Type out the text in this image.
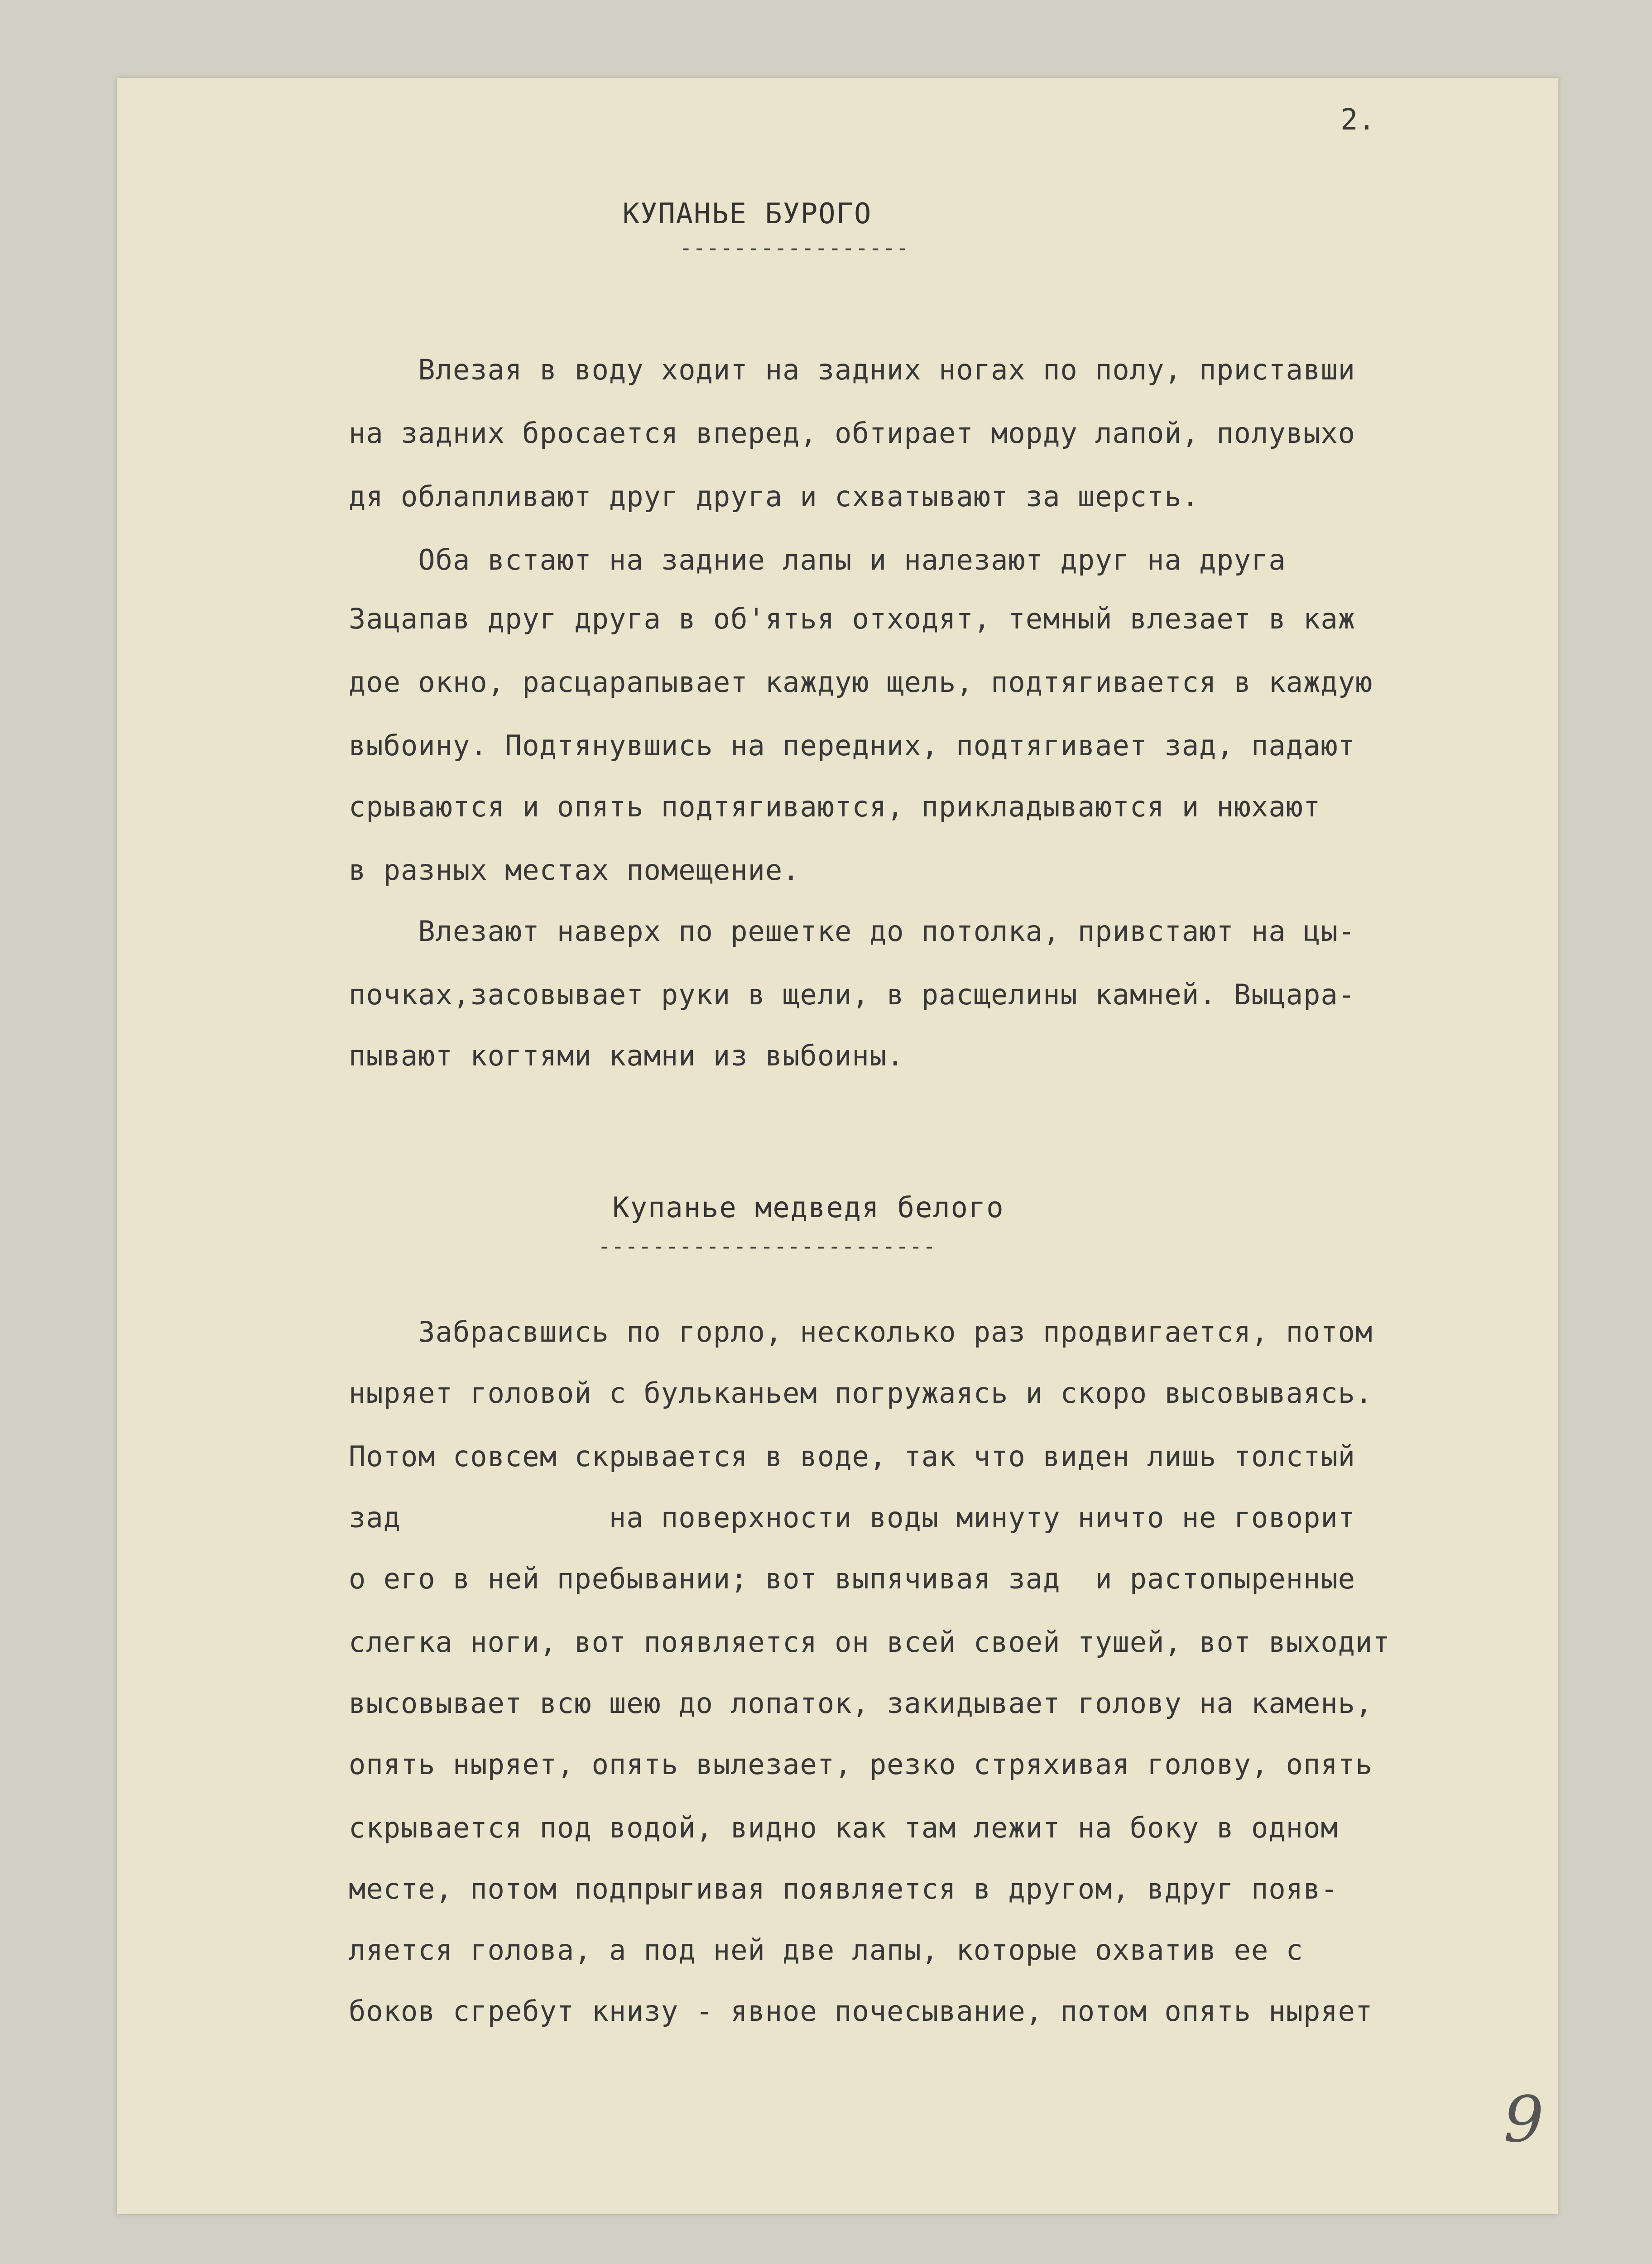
2.
КУПАНЬЕ БУРОГО
-----------------
Влезая в воду ходит на задних ногах по полу, приставши
на задних бросается вперед, обтирает морду лапой, полувыхо
дя облапливают друг друга и схватывают за шерсть.
Оба встают на задние лапы и налезают друг на друга
Зацапав друг друга в об'ятья отходят, темный влезает в каж
дое окно, расцарапывает каждую щель, подтягивается в каждую
выбоину. Подтянувшись на передних, подтягивает зад, падают
срываются и опять подтягиваются, прикладываются и нюхают
в разных местах помещение.
Влезают наверх по решетке до потолка, привстают на цы-
почках,засовывает руки в щели, в расщелины камней. Выцара-
пывают когтями камни из выбоины.
Купанье медведя белого
-------------------------
Забрасвшись по горло, несколько раз продвигается, потом
ныряет головой с бульканьем погружаясь и скоро высовываясь.
Потом совсем скрывается в воде, так что виден лишь толстый
зад            на поверхности воды минуту ничто не говорит
о его в ней пребывании; вот выпячивая зад  и растопыренные
слегка ноги, вот появляется он всей своей тушей, вот выходит
высовывает всю шею до лопаток, закидывает голову на камень,
опять ныряет, опять вылезает, резко стряхивая голову, опять
скрывается под водой, видно как там лежит на боку в одном
месте, потом подпрыгивая появляется в другом, вдруг появ-
ляется голова, а под ней две лапы, которые охватив ее с
боков сгребут книзу - явное почесывание, потом опять ныряет
9
